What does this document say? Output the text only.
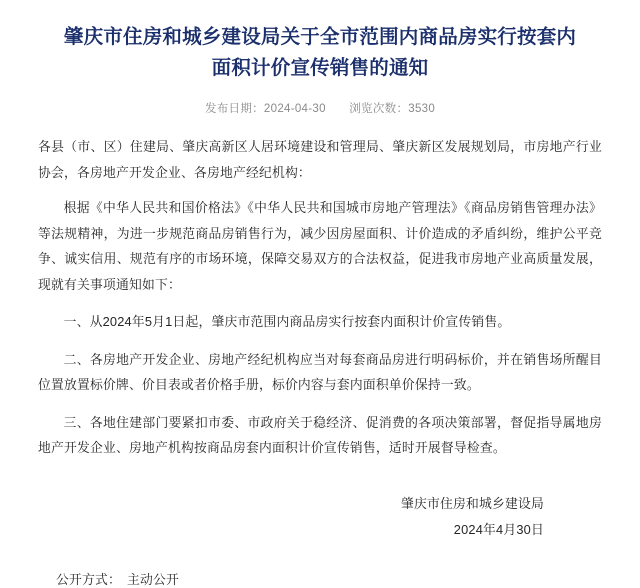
肇庆市住房和城乡建设局关于全市范围内商品房实行按套内面积计价宣传销售的通知
发布日期：2024-04-30 浏览次数：3530

各县（市、区）住建局、肇庆高新区人居环境建设和管理局、肇庆新区发展规划局，市房地产行业协会，各房地产开发企业、各房地产经纪机构：

根据《中华人民共和国价格法》《中华人民共和国城市房地产管理法》《商品房销售管理办法》等法规精神，为进一步规范商品房销售行为，减少因房屋面积、计价造成的矛盾纠纷，维护公平竞争、诚实信用、规范有序的市场环境，保障交易双方的合法权益，促进我市房地产业高质量发展，现就有关事项通知如下：

一、从2024年5月1日起，肇庆市范围内商品房实行按套内面积计价宣传销售。

二、各房地产开发企业、房地产经纪机构应当对每套商品房进行明码标价，并在销售场所醒目位置放置标价牌、价目表或者价格手册，标价内容与套内面积单价保持一致。

三、各地住建部门要紧扣市委、市政府关于稳经济、促消费的各项决策部署，督促指导属地房地产开发企业、房地产机构按商品房套内面积计价宣传销售，适时开展督导检查。

肇庆市住房和城乡建设局
2024年4月30日
公开方式： 主动公开
